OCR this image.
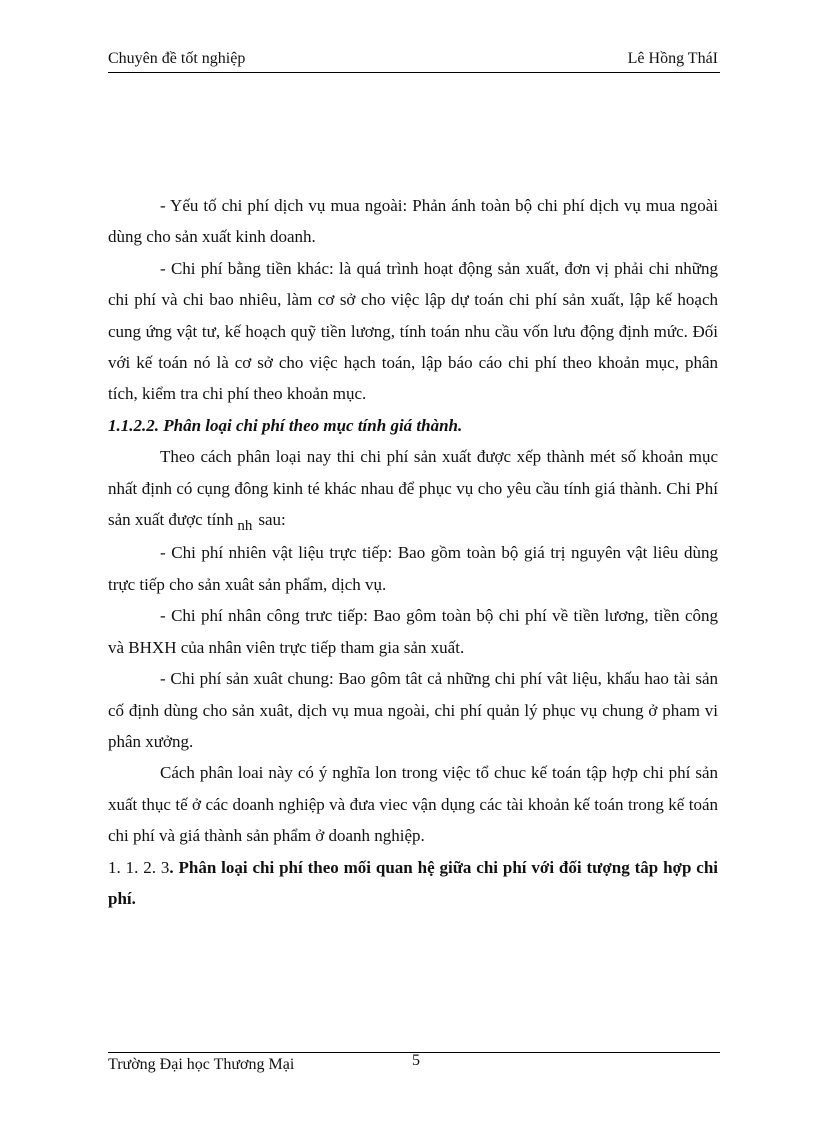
Chuyên đề tốt nghiệp	Lê Hồng TháI

- Yếu tố chi phí dịch vụ mua ngoài: Phản ánh toàn bộ chi phí dịch vụ mua ngoài dùng cho sản xuất kinh doanh.

- Chi phí bằng tiền khác: là quá trình hoạt động sản xuất, đơn vị phải chi những chi phí và chi bao nhiêu, làm cơ sở cho việc lập dự toán chi phí sản xuất, lập kế hoạch cung ứng vật tư, kế hoạch quỹ tiền lương, tính toán nhu cầu vốn lưu động định mức. Đối với kế toán nó là cơ sở cho việc hạch toán, lập báo cáo chi phí theo khoản mục, phân tích, kiểm tra chi phí theo khoản mục.

1.1.2.2. Phân loại chi phí theo mục tính giá thành.

Theo cách phân loại nay thi chi phí sản xuất được xếp thành mét số khoản mục nhất định có cụng đông kinh té khác nhau để phục vụ cho yêu cầu tính giá thành. Chi Phí sản xuất được tính nh sau:

- Chi phí nhiên vật liệu trực tiếp: Bao gồm toàn bộ giá trị nguyên vật liêu dùng trực tiếp cho sản xuât sản phẩm, dịch vụ.

- Chi phí nhân công trưc tiếp: Bao gôm toàn bộ chi phí về tiền lương, tiền công và BHXH của nhân viên trực tiếp tham gia sản xuất.

- Chi phí sản xuât chung: Bao gôm tât cả những chi phí vât liệu, khấu hao tài sản cố định dùng cho sản xuât, dịch vụ mua ngoài, chi phí quản lý phục vụ chung ở pham vi phân xưởng.

Cách phân loai này có ý nghĩa lon trong việc tổ chuc kế toán tập hợp chi phí sản xuất thục tế ở các doanh nghiệp và đưa viec vận dụng các tài khoản kế toán trong kế toán chi phí và giá thành sản phẩm ở doanh nghiệp.

1. 1. 2. 3. Phân loại chi phí theo mối quan hệ giữa chi phí với đối tượng tâp hợp chi phí.

Trường Đại học Thương Mại	5
